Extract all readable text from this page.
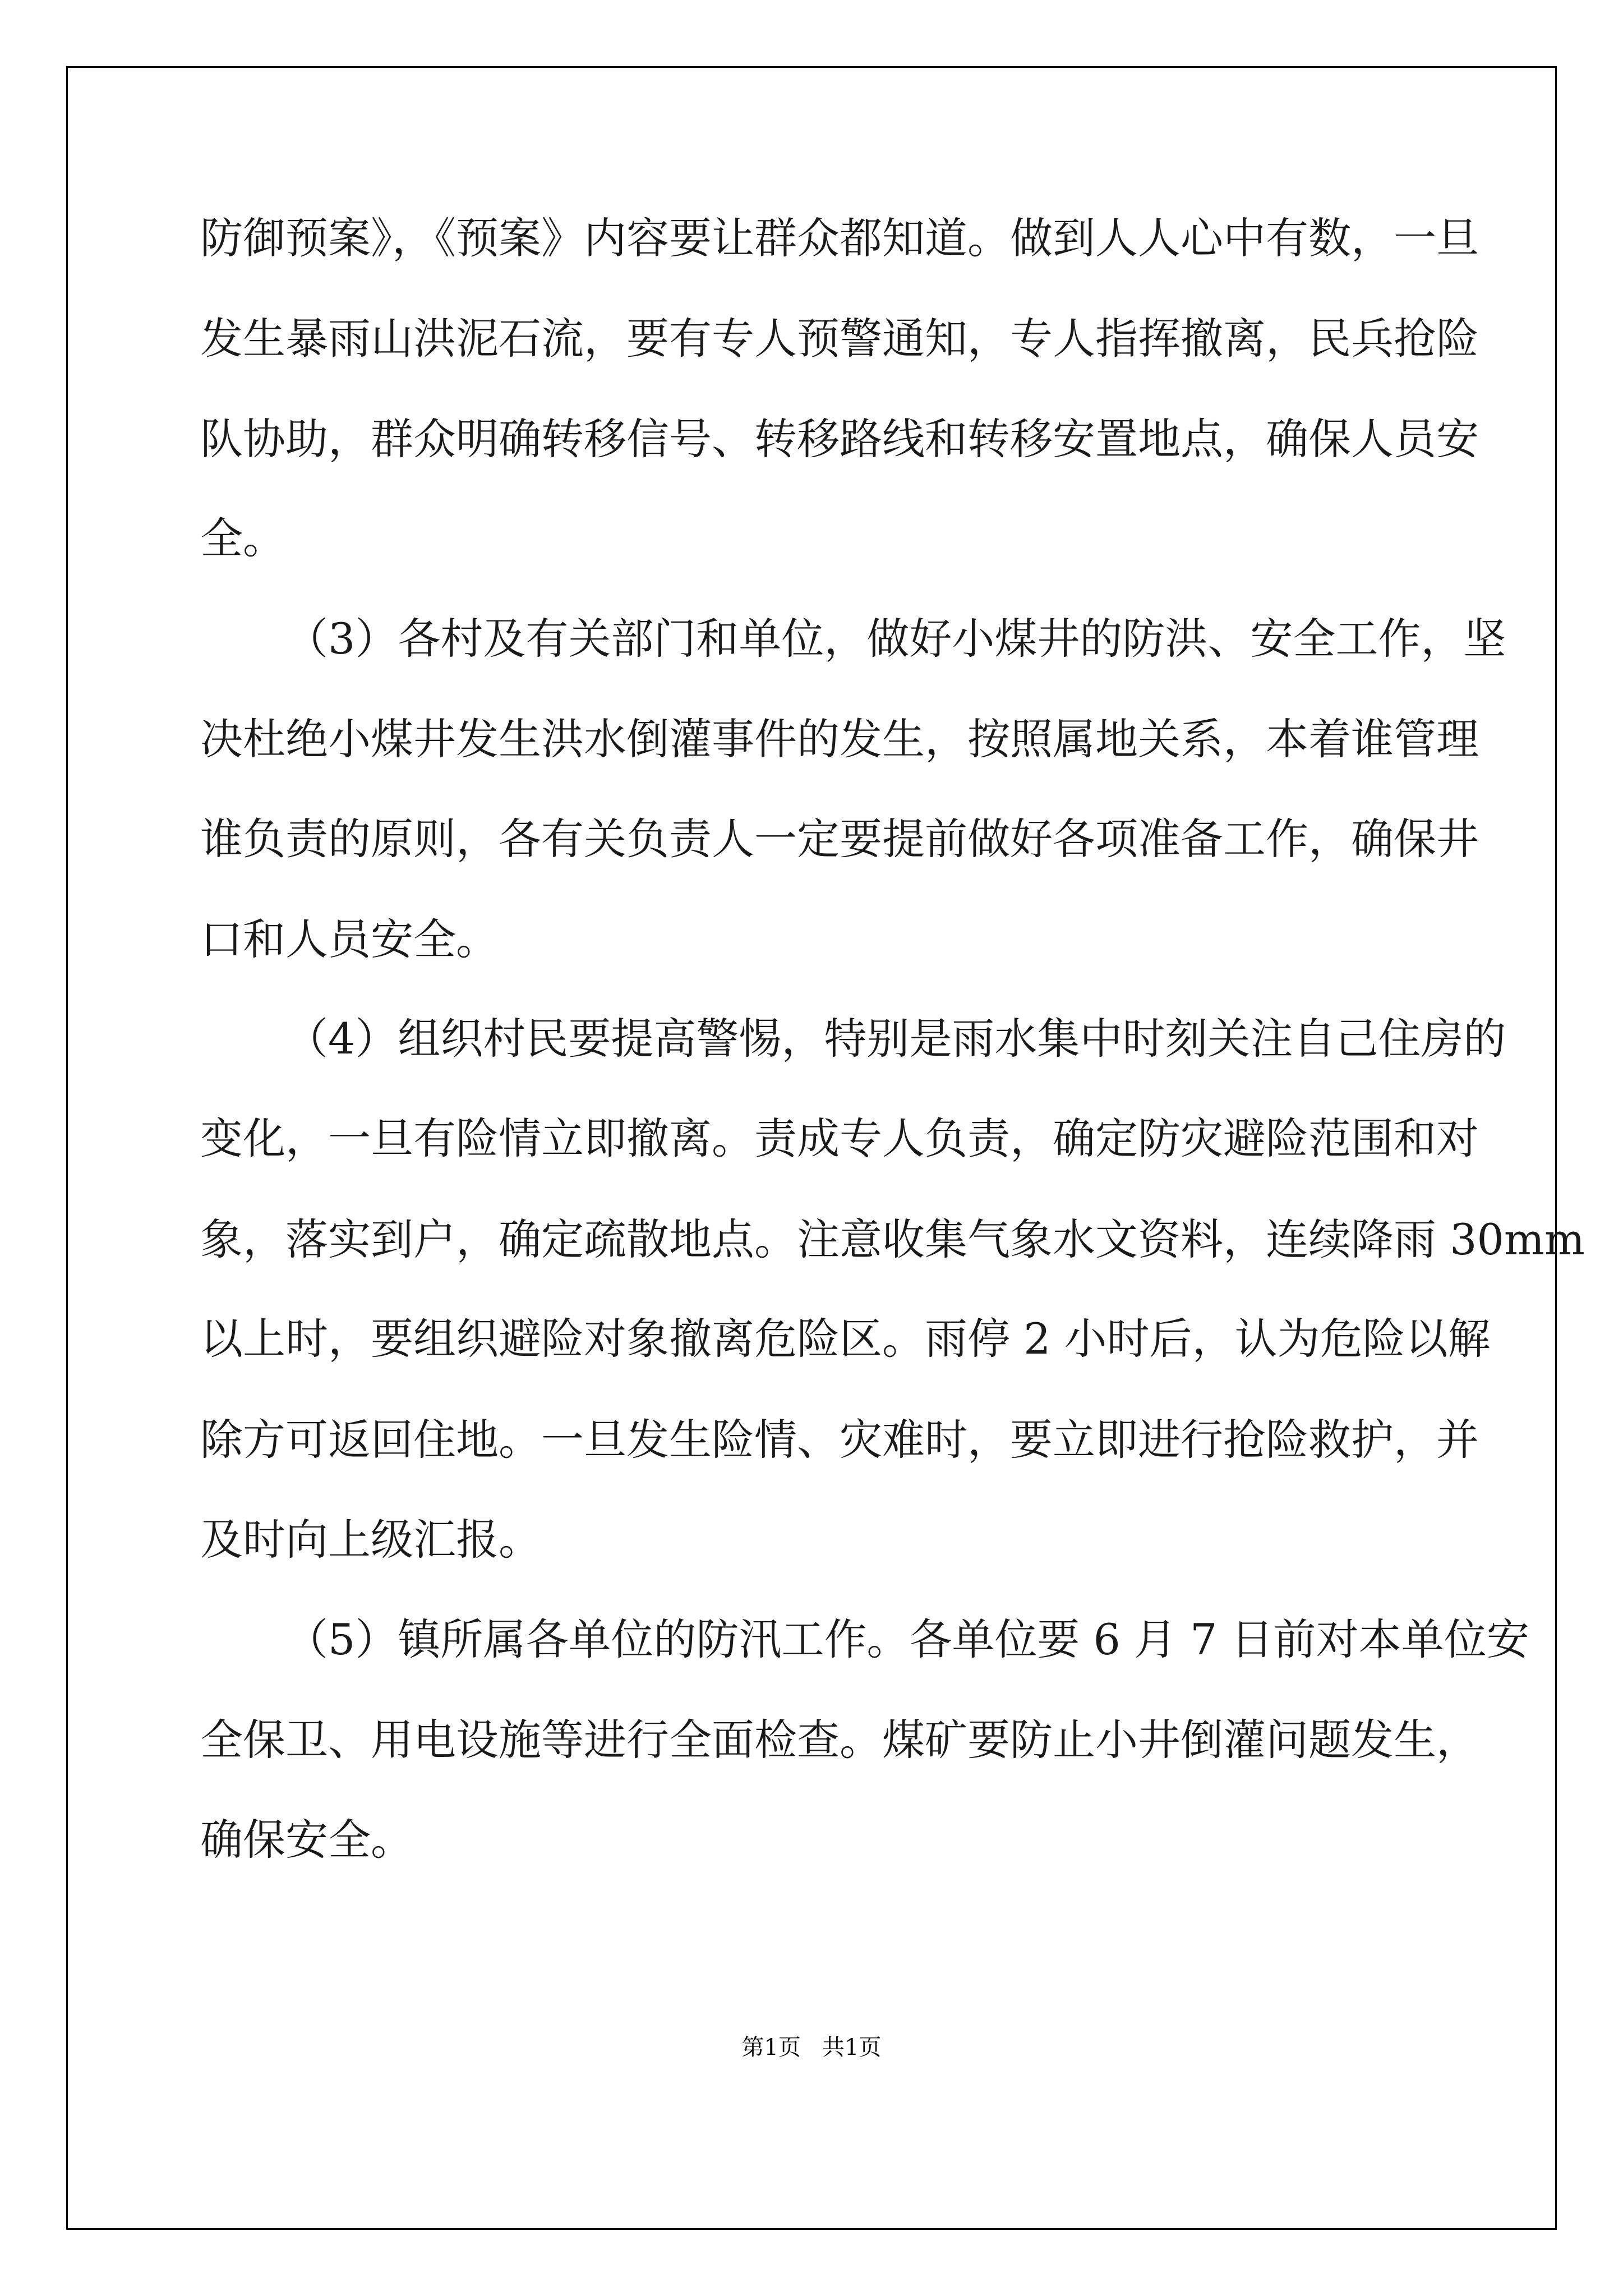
防御预案》，《预案》内容要让群众都知道。做到人人心中有数，一旦
发生暴雨山洪泥石流，要有专人预警通知，专人指挥撤离，民兵抢险
队协助，群众明确转移信号、转移路线和转移安置地点，确保人员安
全。
（3）各村及有关部门和单位，做好小煤井的防洪、安全工作，坚
决杜绝小煤井发生洪水倒灌事件的发生，按照属地关系，本着谁管理
谁负责的原则，各有关负责人一定要提前做好各项准备工作，确保井
口和人员安全。
（4）组织村民要提高警惕，特别是雨水集中时刻关注自己住房的
变化，一旦有险情立即撤离。责成专人负责，确定防灾避险范围和对
象，落实到户，确定疏散地点。注意收集气象水文资料，连续降雨 30mm
以上时，要组织避险对象撤离危险区。雨停 2 小时后，认为危险以解
除方可返回住地。一旦发生险情、灾难时，要立即进行抢险救护，并
及时向上级汇报。
（5）镇所属各单位的防汛工作。各单位要 6 月 7 日前对本单位安
全保卫、用电设施等进行全面检查。煤矿要防止小井倒灌问题发生，
确保安全。
第1页   共1页
